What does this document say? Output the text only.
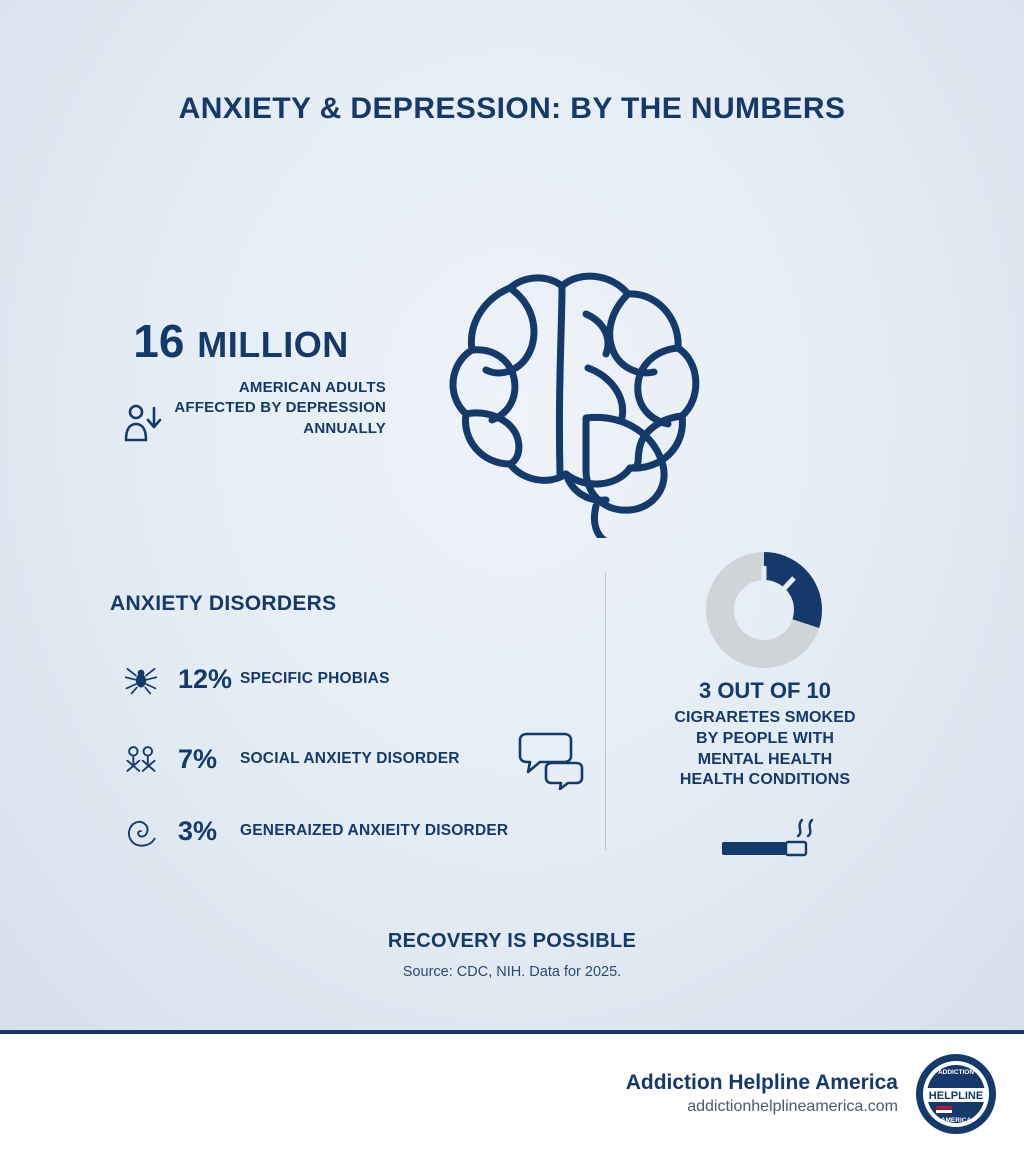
ANXIETY & DEPRESSION: BY THE NUMBERS
16 MILLION
AMERICAN ADULTS
AFFECTED BY DEPRESSION
ANNUALLY
ANXIETY DISORDERS
12% SPECIFIC PHOBIAS
7%	SOCIAL ANXIETY DISORDER
3%	GENERAIZED ANXIEITY DISORDER
3 OUT OF 10
CIGRARETES SMOKED
BY PEOPLE WITH
MENTAL HEALTH
HEALTH CONDITIONS
RECOVERY IS POSSIBLE
Source: CDC, NIH. Data for 2025.
Addiction Helpline America
addictionhelplineamerica.com
HELPLINE
ADDICTION
AMERICA
